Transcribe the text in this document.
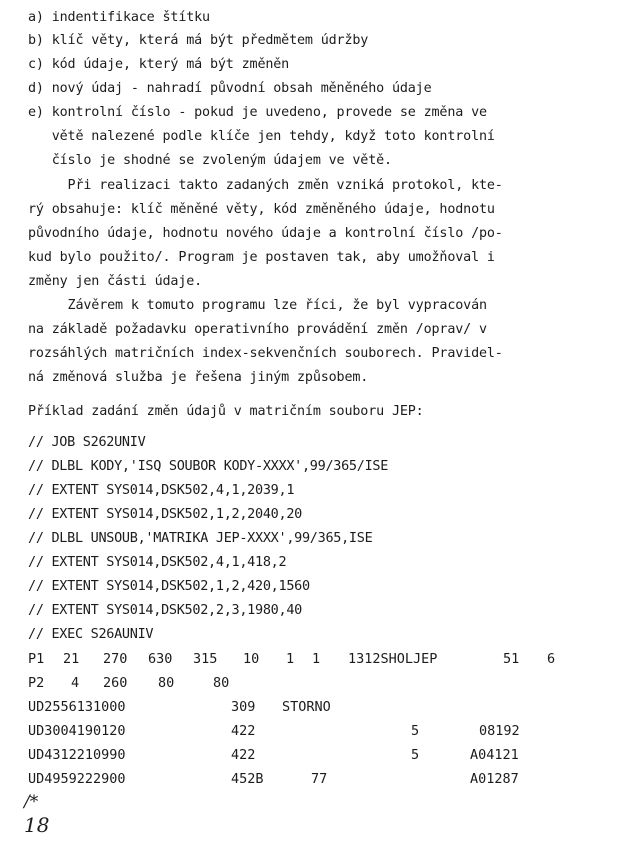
a) indentifikace štítku
b) klíč věty, která má být předmětem údržby
c) kód údaje, který má být změněn
d) nový údaj - nahradí původní obsah měněného údaje
e) kontrolní číslo - pokud je uvedeno, provede se změna ve
větě nalezené podle klíče jen tehdy, když toto kontrolní
číslo je shodné se zvoleným údajem ve větě.
Při realizaci takto zadaných změn vzniká protokol, kte-
rý obsahuje: klíč měněné věty, kód změněného údaje, hodnotu
původního údaje, hodnotu nového údaje a kontrolní číslo /po-
kud bylo použito/. Program je postaven tak, aby umožňoval i
změny jen části údaje.
Závěrem k tomuto programu lze říci, že byl vypracován
na základě požadavku operativního provádění změn /oprav/ v
rozsáhlých matričních index-sekvenčních souborech. Pravidel-
ná změnová služba je řešena jiným způsobem.
Příklad zadání změn údajů v matričním souboru JEP:
// JOB S262UNIV
// DLBL KODY,'ISQ SOUBOR KODY-XXXX',99/365/ISE
// EXTENT SYS014,DSK502,4,1,2039,1
// EXTENT SYS014,DSK502,1,2,2040,20
// DLBL UNSOUB,'MATRIKA JEP-XXXX',99/365,ISE
// EXTENT SYS014,DSK502,4,1,418,2
// EXTENT SYS014,DSK502,1,2,420,1560
// EXTENT SYS014,DSK502,2,3,1980,40
// EXEC S26AUNIV
P1 21 270 630 315 10 1 1 1312SHOLJEP	51 6
P2 4 260 80	80
UD2556131000	309 STORNO
UD3004190120	422	5	08192
UD4312210990	422	5	A04121
UD4959222900	452B	77	A01287
/*
18
